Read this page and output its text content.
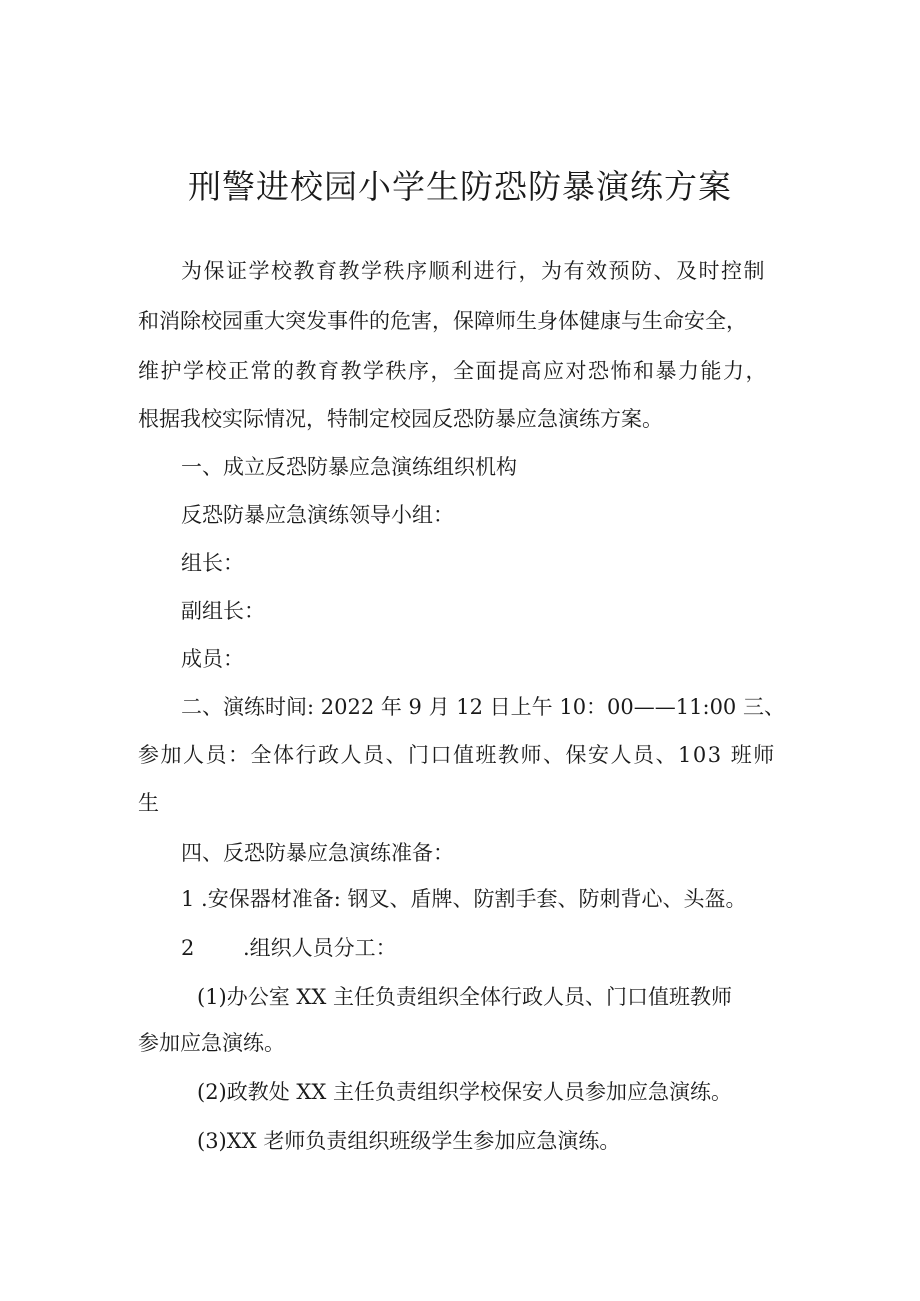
刑警进校园小学生防恐防暴演练方案

为保证学校教育教学秩序顺利进行，为有效预防、及时控制

和消除校园重大突发事件的危害，保障师生身体健康与生命安全，

维护学校正常的教育教学秩序，全面提高应对恐怖和暴力能力，

根据我校实际情况，特制定校园反恐防暴应急演练方案。

一、成立反恐防暴应急演练组织机构

反恐防暴应急演练领导小组：

组长：

副组长：

成员：

二、演练时间: 2022 年 9 月 12 日上午 10：00——11:00 三、

参加人员：全体行政人员、门口值班教师、保安人员、103 班师

生

四、反恐防暴应急演练准备：

1 .安保器材准备: 钢叉、盾牌、防割手套、防刺背心、头盔。

2 .组织人员分工：

(1)办公室 XX 主任负责组织全体行政人员、门口值班教师

参加应急演练。

(2)政教处 XX 主任负责组织学校保安人员参加应急演练。

(3)XX 老师负责组织班级学生参加应急演练。
